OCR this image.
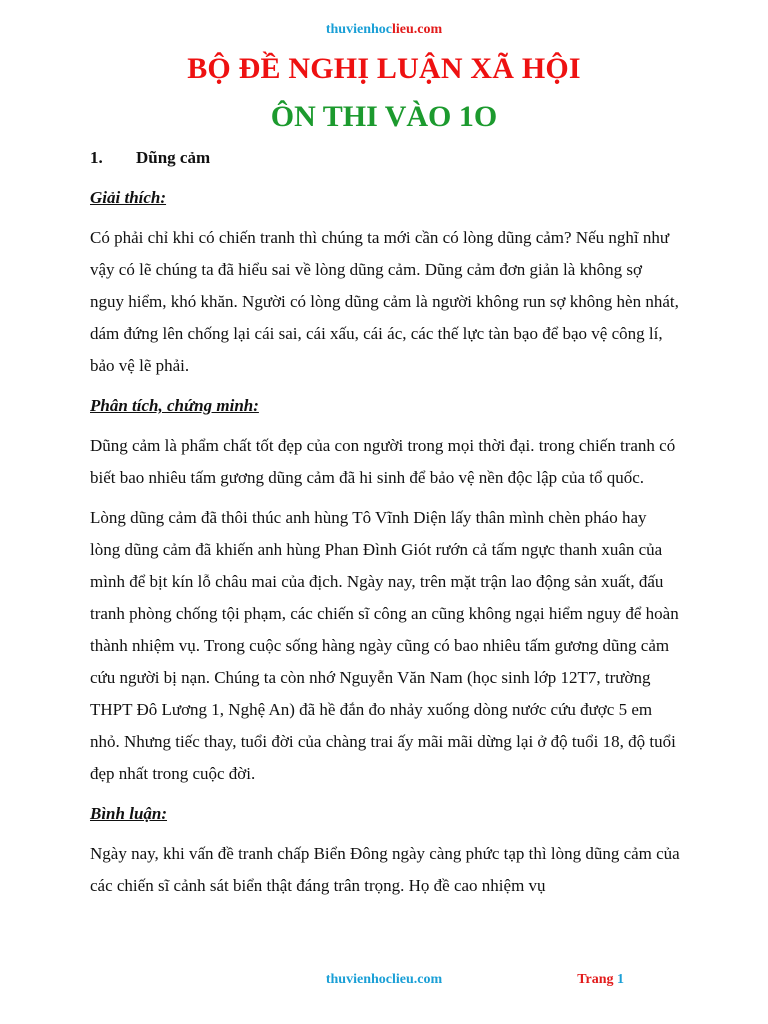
thuvienhoclieu.com
BỘ ĐỀ NGHỊ LUẬN XÃ HỘI
ÔN THI VÀO 1O
1. Dũng cảm
Giải thích:
Có phải chỉ khi có chiến tranh thì chúng ta mới cần có lòng dũng cảm? Nếu nghĩ như vậy có lẽ chúng ta đã hiểu sai về lòng dũng cảm. Dũng cảm đơn giản là không sợ nguy hiểm, khó khăn. Người có lòng dũng cảm là người không run sợ không hèn nhát, dám đứng lên chống lại cái sai, cái xấu, cái ác, các thế lực tàn bạo để bạo vệ công lí, bảo vệ lẽ phải.
Phân tích, chứng minh:
Dũng cảm là phẩm chất tốt đẹp của con người trong mọi thời đại. trong chiến tranh có biết bao nhiêu tấm gương dũng cảm đã hi sinh để bảo vệ nền độc lập của tổ quốc.
Lòng dũng cảm đã thôi thúc anh hùng Tô Vĩnh Diện lấy thân mình chèn pháo hay lòng dũng cảm đã khiến anh hùng Phan Đình Giót rướn cả tấm ngực thanh xuân của mình để bịt kín lỗ châu mai của địch. Ngày nay, trên mặt trận lao động sản xuất, đấu tranh phòng chống tội phạm, các chiến sĩ công an cũng không ngại hiểm nguy để hoàn thành nhiệm vụ. Trong cuộc sống hàng ngày cũng có bao nhiêu tấm gương dũng cảm cứu người bị nạn. Chúng ta còn nhớ Nguyễn Văn Nam (học sinh lớp 12T7, trường THPT Đô Lương 1, Nghệ An) đã hề đắn đo nhảy xuống dòng nước cứu được 5 em nhỏ. Nhưng tiếc thay, tuổi đời của chàng trai ấy mãi mãi dừng lại ở độ tuổi 18, độ tuổi đẹp nhất trong cuộc đời.
Bình luận:
Ngày nay, khi vấn đề tranh chấp Biển Đông ngày càng phức tạp thì lòng dũng cảm của các chiến sĩ cảnh sát biển thật đáng trân trọng. Họ đề cao nhiệm vụ
thuvienhoclieu.com	Trang 1
